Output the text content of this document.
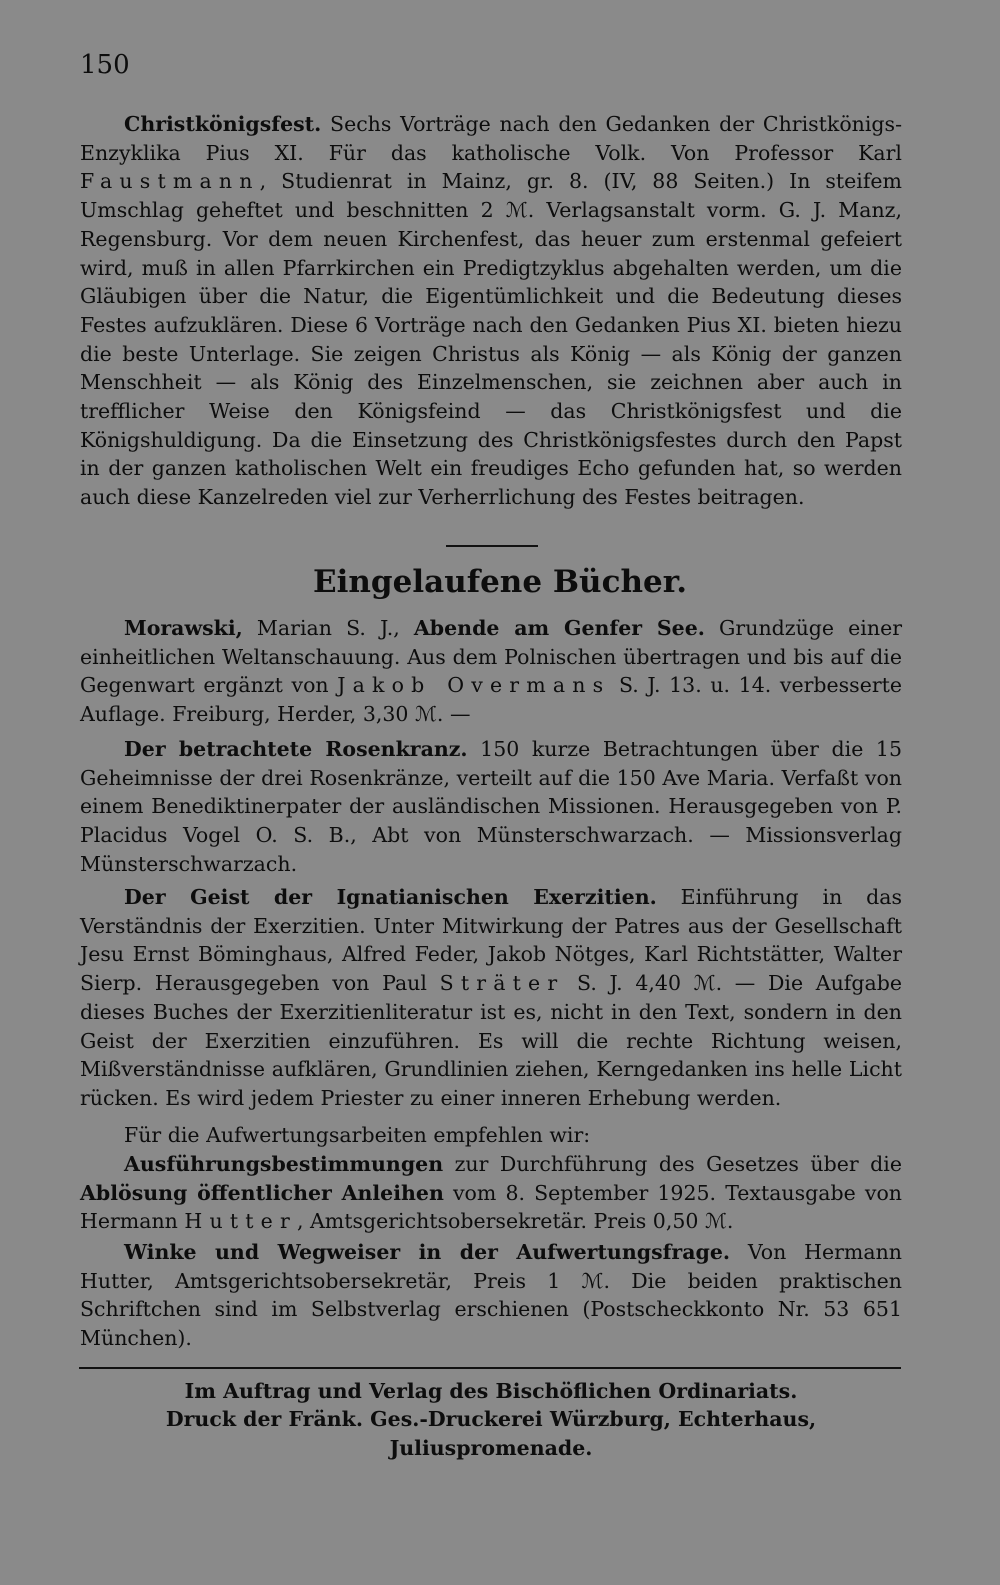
150

Christkönigsfest. Sechs Vorträge nach den Gedanken der Christkönigs-Enzyklika Pius XI. Für das katholische Volk. Von Professor Karl Faustmann, Studienrat in Mainz, gr. 8. (IV, 88 Seiten.) In steifem Umschlag geheftet und beschnitten 2 ℳ. Verlagsanstalt vorm. G. J. Manz, Regensburg. Vor dem neuen Kirchenfest, das heuer zum erstenmal gefeiert wird, muß in allen Pfarrkirchen ein Predigtzyklus abgehalten werden, um die Gläubigen über die Natur, die Eigentümlichkeit und die Bedeutung dieses Festes aufzuklären. Diese 6 Vorträge nach den Gedanken Pius XI. bieten hiezu die beste Unterlage. Sie zeigen Christus als König — als König der ganzen Menschheit — als König des Einzelmenschen, sie zeichnen aber auch in trefflicher Weise den Königsfeind — das Christkönigsfest und die Königshuldigung. Da die Einsetzung des Christkönigsfestes durch den Papst in der ganzen katholischen Welt ein freudiges Echo gefunden hat, so werden auch diese Kanzelreden viel zur Verherrlichung des Festes beitragen.

Eingelaufene Bücher.

Morawski, Marian S. J., Abende am Genfer See. Grundzüge einer einheitlichen Weltanschauung. Aus dem Polnischen übertragen und bis auf die Gegenwart ergänzt von Jakob Overmans S. J. 13. u. 14. verbesserte Auflage. Freiburg, Herder, 3,30 ℳ. —

Der betrachtete Rosenkranz. 150 kurze Betrachtungen über die 15 Geheimnisse der drei Rosenkränze, verteilt auf die 150 Ave Maria. Verfaßt von einem Benediktinerpater der ausländischen Missionen. Herausgegeben von P. Placidus Vogel O. S. B., Abt von Münsterschwarzach. — Missionsverlag Münsterschwarzach.

Der Geist der Ignatianischen Exerzitien. Einführung in das Verständnis der Exerzitien. Unter Mitwirkung der Patres aus der Gesellschaft Jesu Ernst Böminghaus, Alfred Feder, Jakob Nötges, Karl Richtstätter, Walter Sierp. Herausgegeben von Paul Sträter S. J. 4,40 ℳ. — Die Aufgabe dieses Buches der Exerzitienliteratur ist es, nicht in den Text, sondern in den Geist der Exerzitien einzuführen. Es will die rechte Richtung weisen, Mißverständnisse aufklären, Grundlinien ziehen, Kerngedanken ins helle Licht rücken. Es wird jedem Priester zu einer inneren Erhebung werden.

Für die Aufwertungsarbeiten empfehlen wir:

Ausführungsbestimmungen zur Durchführung des Gesetzes über die Ablösung öffentlicher Anleihen vom 8. September 1925. Textausgabe von Hermann Hutter, Amtsgerichtsobersekretär. Preis 0,50 ℳ.

Winke und Wegweiser in der Aufwertungsfrage. Von Hermann Hutter, Amtsgerichtsobersekretär, Preis 1 ℳ. Die beiden praktischen Schriftchen sind im Selbstverlag erschienen (Postscheckkonto Nr. 53 651 München).

Im Auftrag und Verlag des Bischöflichen Ordinariats.

Druck der Fränk. Ges.-Druckerei Würzburg, Echterhaus, Juliuspromenade.
